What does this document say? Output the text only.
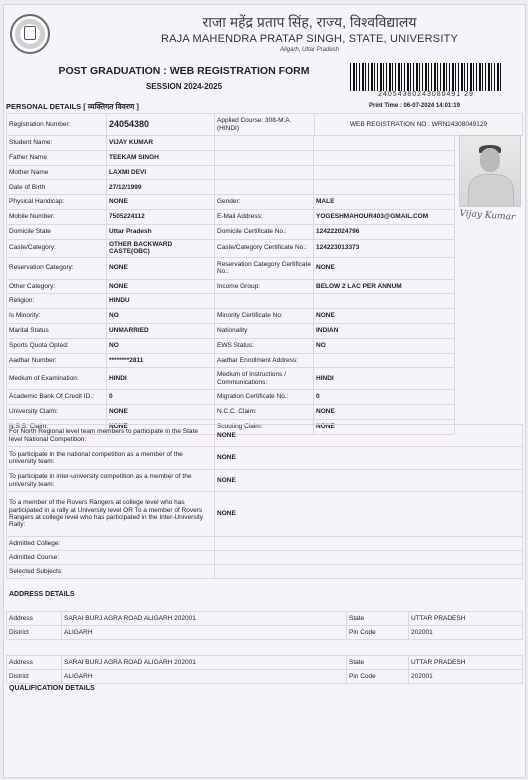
राजा महेंद्र प्रताप सिंह, राज्य, विश्वविद्यालय
RAJA MAHENDRA PRATAP SINGH, STATE, UNIVERSITY
Aligarh, Uttar Pradesh
POST GRADUATION : WEB REGISTRATION FORM
SESSION 2024-2025
24054380243080491 29
PERSONAL DETAILS [ व्यक्तिगत विवरण ]	Print Time : 06-07-2024 14:01:19
Registration Number:	24054380	Applied Course: 308-M.A. (HINDI)	WEB REGISTRATION NO : WRN24308049129
Vijay Kumar
Student Name:	VIJAY KUMAR		
Father Name	TEEKAM SINGH		
Mother Name	LAXMI DEVI		
Date of Birth	27/12/1999		
Physical Handicap:	NONE	Gender:	MALE
Mobile Number:	7505224112	E-Mail Address:	YOGESHMAHOUR403@GMAIL.COM
Domicile State	Uttar Pradesh	Domicile Certificate No.:	124222024796
Caste/Category:	OTHER BACKWARD CASTE(OBC)	Caste/Category Certificate No.:	124223013373
Reservation Category:	NONE	Reservation Category Certificate No.:	NONE
Other Category:	NONE	Income Group:	BELOW 2 LAC PER ANNUM
Religion:	HINDU		
Is Minority:	NO	Minority Certificate No:	NONE
Marital Status	UNMARRIED	Nationality	INDIAN
Sports Quota Opted:	NO	EWS Status:	NO
Aadhar Number:	********2811	Aadhar Enrollment Address:	
Medium of Examination:	HINDI	Medium of Instructions / Communications:	HINDI
Academic Bank Of Credit ID.:	0	Migration Certificate No.:	0
University Claim:	NONE	N.C.C. Claim:	NONE
N.S.S. Claim:	NONE	Scouting Claim:	NONE
For North Regional level team members to participate in the State level National Competition:	NONE
To participate in the national competition as a member of the university team:	NONE
To participate in inter-university competition as a member of the university team:	NONE
To a member of the Rovers Rangers at college level who has participated in a rally at University level OR To a member of Rovers Rangers at college level who has participated in the Inter-University Rally:	NONE
Admitted College:	
Admitted Course:	
Selected Subjects:	
ADDRESS DETAILS
Address	SARAI BURJ AGRA ROAD ALIGARH 202001	State	UTTAR PRADESH
District	ALIGARH	Pin Code	202001

Address	SARAI BURJ AGRA ROAD ALIGARH 202001	State	UTTAR PRADESH
District	ALIGARH	Pin Code	202001
QUALIFICATION DETAILS
